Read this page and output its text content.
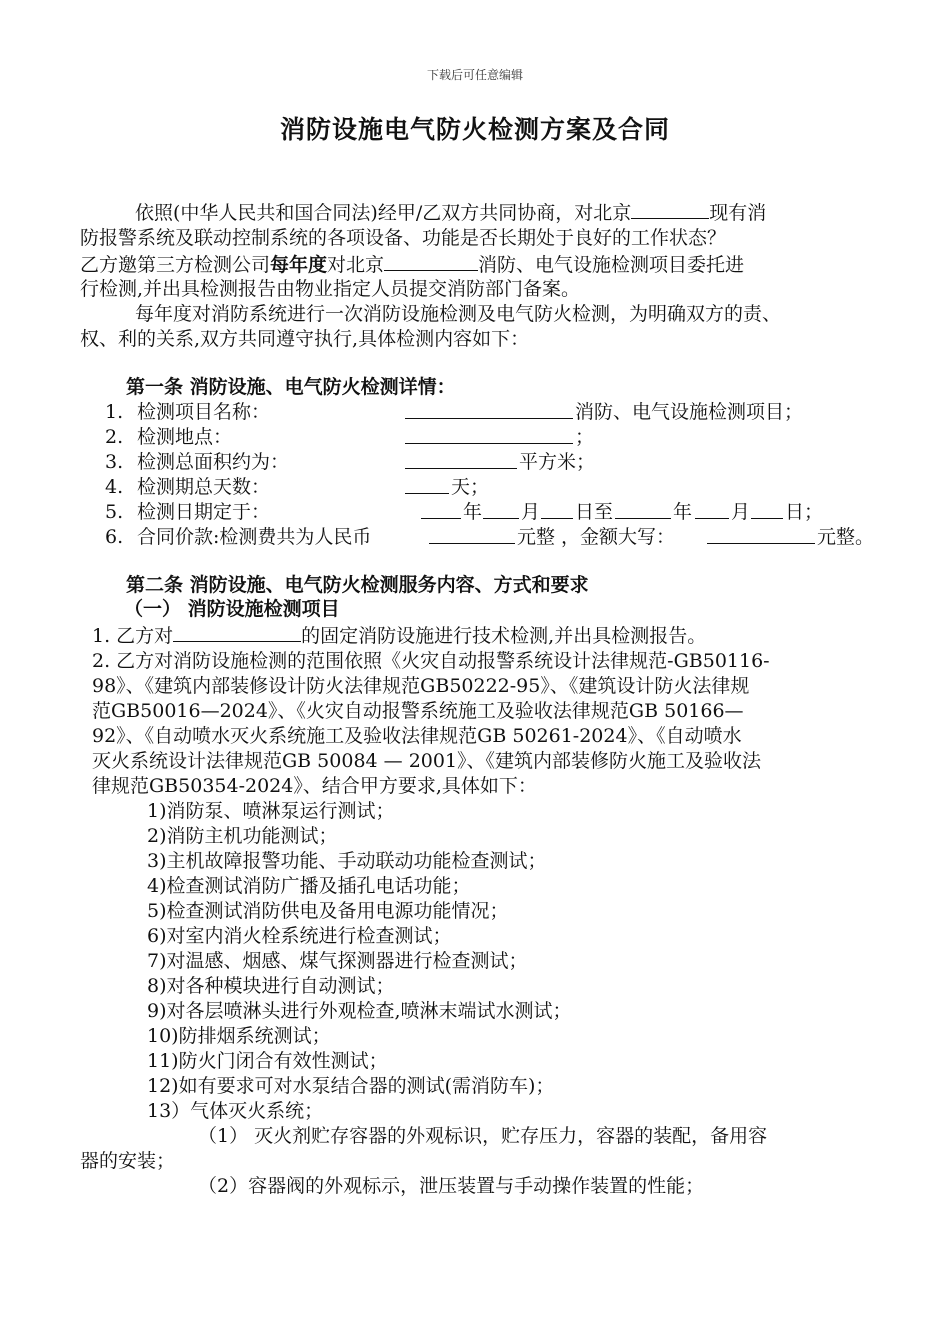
下载后可任意编辑
消防设施电气防火检测方案及合同
依照(中华人民共和国合同法)经甲/乙双方共同协商，对北京	现有消
防报警系统及联动控制系统的各项设备、功能是否长期处于良好的工作状态？
乙方邀第三方检测公司每年度对北京	消防、电气设施检测项目委托进
行检测,并出具检测报告由物业指定人员提交消防部门备案。
每年度对消防系统进行一次消防设施检测及电气防火检测，为明确双方的责、
权、利的关系,双方共同遵守执行,具体检测内容如下：
第一条 消防设施、电气防火检测详情：
1. 检测项目名称：	消防、电气设施检测项目；
2. 检测地点：	；
3. 检测总面积约为：	平方米；
4. 检测期总天数：	天；
5. 检测日期定于：	年 月 日至	年 月 日；
6. 合同价款:检测费共为人民币	元整 ，金额大写：	元整。
第二条 消防设施、电气防火检测服务内容、方式和要求
（一） 消防设施检测项目
1. 乙方对	的固定消防设施进行技术检测,并出具检测报告。
2. 乙方对消防设施检测的范围依照《火灾自动报警系统设计法律规范-GB50116-
98》、《建筑内部装修设计防火法律规范GB50222-95》、《建筑设计防火法律规
范GB50016—2024》、《火灾自动报警系统施工及验收法律规范GB 50166—
92》、《自动喷水灭火系统施工及验收法律规范GB 50261-2024》、《自动喷水
灭火系统设计法律规范GB 50084 — 2001》、《建筑内部装修防火施工及验收法
律规范GB50354-2024》、结合甲方要求,具体如下：
1)消防泵、喷淋泵运行测试；
2)消防主机功能测试；
3)主机故障报警功能、手动联动功能检查测试；
4)检查测试消防广播及插孔电话功能；
5)检查测试消防供电及备用电源功能情况；
6)对室内消火栓系统进行检查测试；
7)对温感、烟感、煤气探测器进行检查测试；
8)对各种模块进行自动测试；
9)对各层喷淋头进行外观检查,喷淋末端试水测试；
10)防排烟系统测试；
11)防火门闭合有效性测试；
12)如有要求可对水泵结合器的测试(需消防车)；
13）气体灭火系统；
（1） 灭火剂贮存容器的外观标识，贮存压力，容器的装配，备用容
器的安装；
（2）容器阀的外观标示，泄压装置与手动操作装置的性能；
